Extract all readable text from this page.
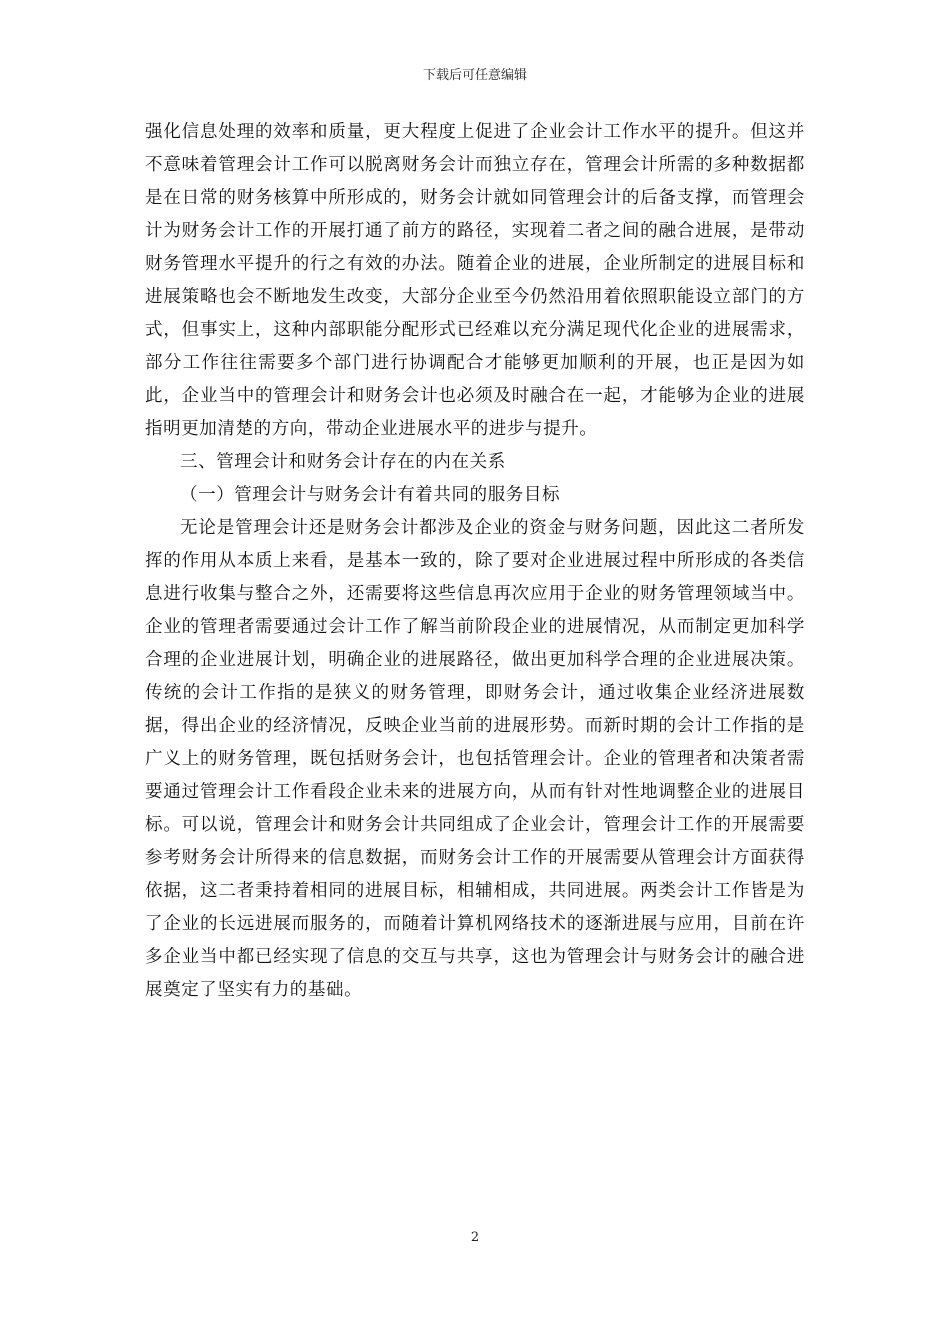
下载后可任意编辑

强化信息处理的效率和质量，更大程度上促进了企业会计工作水平的提升。但这并不意味着管理会计工作可以脱离财务会计而独立存在，管理会计所需的多种数据都是在日常的财务核算中所形成的，财务会计就如同管理会计的后备支撑，而管理会计为财务会计工作的开展打通了前方的路径，实现着二者之间的融合进展，是带动财务管理水平提升的行之有效的办法。随着企业的进展，企业所制定的进展目标和进展策略也会不断地发生改变，大部分企业至今仍然沿用着依照职能设立部门的方式，但事实上，这种内部职能分配形式已经难以充分满足现代化企业的进展需求，部分工作往往需要多个部门进行协调配合才能够更加顺利的开展，也正是因为如此，企业当中的管理会计和财务会计也必须及时融合在一起，才能够为企业的进展指明更加清楚的方向，带动企业进展水平的进步与提升。

三、管理会计和财务会计存在的内在关系

（一）管理会计与财务会计有着共同的服务目标

无论是管理会计还是财务会计都涉及企业的资金与财务问题，因此这二者所发挥的作用从本质上来看，是基本一致的，除了要对企业进展过程中所形成的各类信息进行收集与整合之外，还需要将这些信息再次应用于企业的财务管理领域当中。企业的管理者需要通过会计工作了解当前阶段企业的进展情况，从而制定更加科学合理的企业进展计划，明确企业的进展路径，做出更加科学合理的企业进展决策。传统的会计工作指的是狭义的财务管理，即财务会计，通过收集企业经济进展数据，得出企业的经济情况，反映企业当前的进展形势。而新时期的会计工作指的是广义上的财务管理，既包括财务会计，也包括管理会计。企业的管理者和决策者需要通过管理会计工作看段企业未来的进展方向，从而有针对性地调整企业的进展目标。可以说，管理会计和财务会计共同组成了企业会计，管理会计工作的开展需要参考财务会计所得来的信息数据，而财务会计工作的开展需要从管理会计方面获得依据，这二者秉持着相同的进展目标，相辅相成，共同进展。两类会计工作皆是为了企业的长远进展而服务的，而随着计算机网络技术的逐渐进展与应用，目前在许多企业当中都已经实现了信息的交互与共享，这也为管理会计与财务会计的融合进展奠定了坚实有力的基础。

2
